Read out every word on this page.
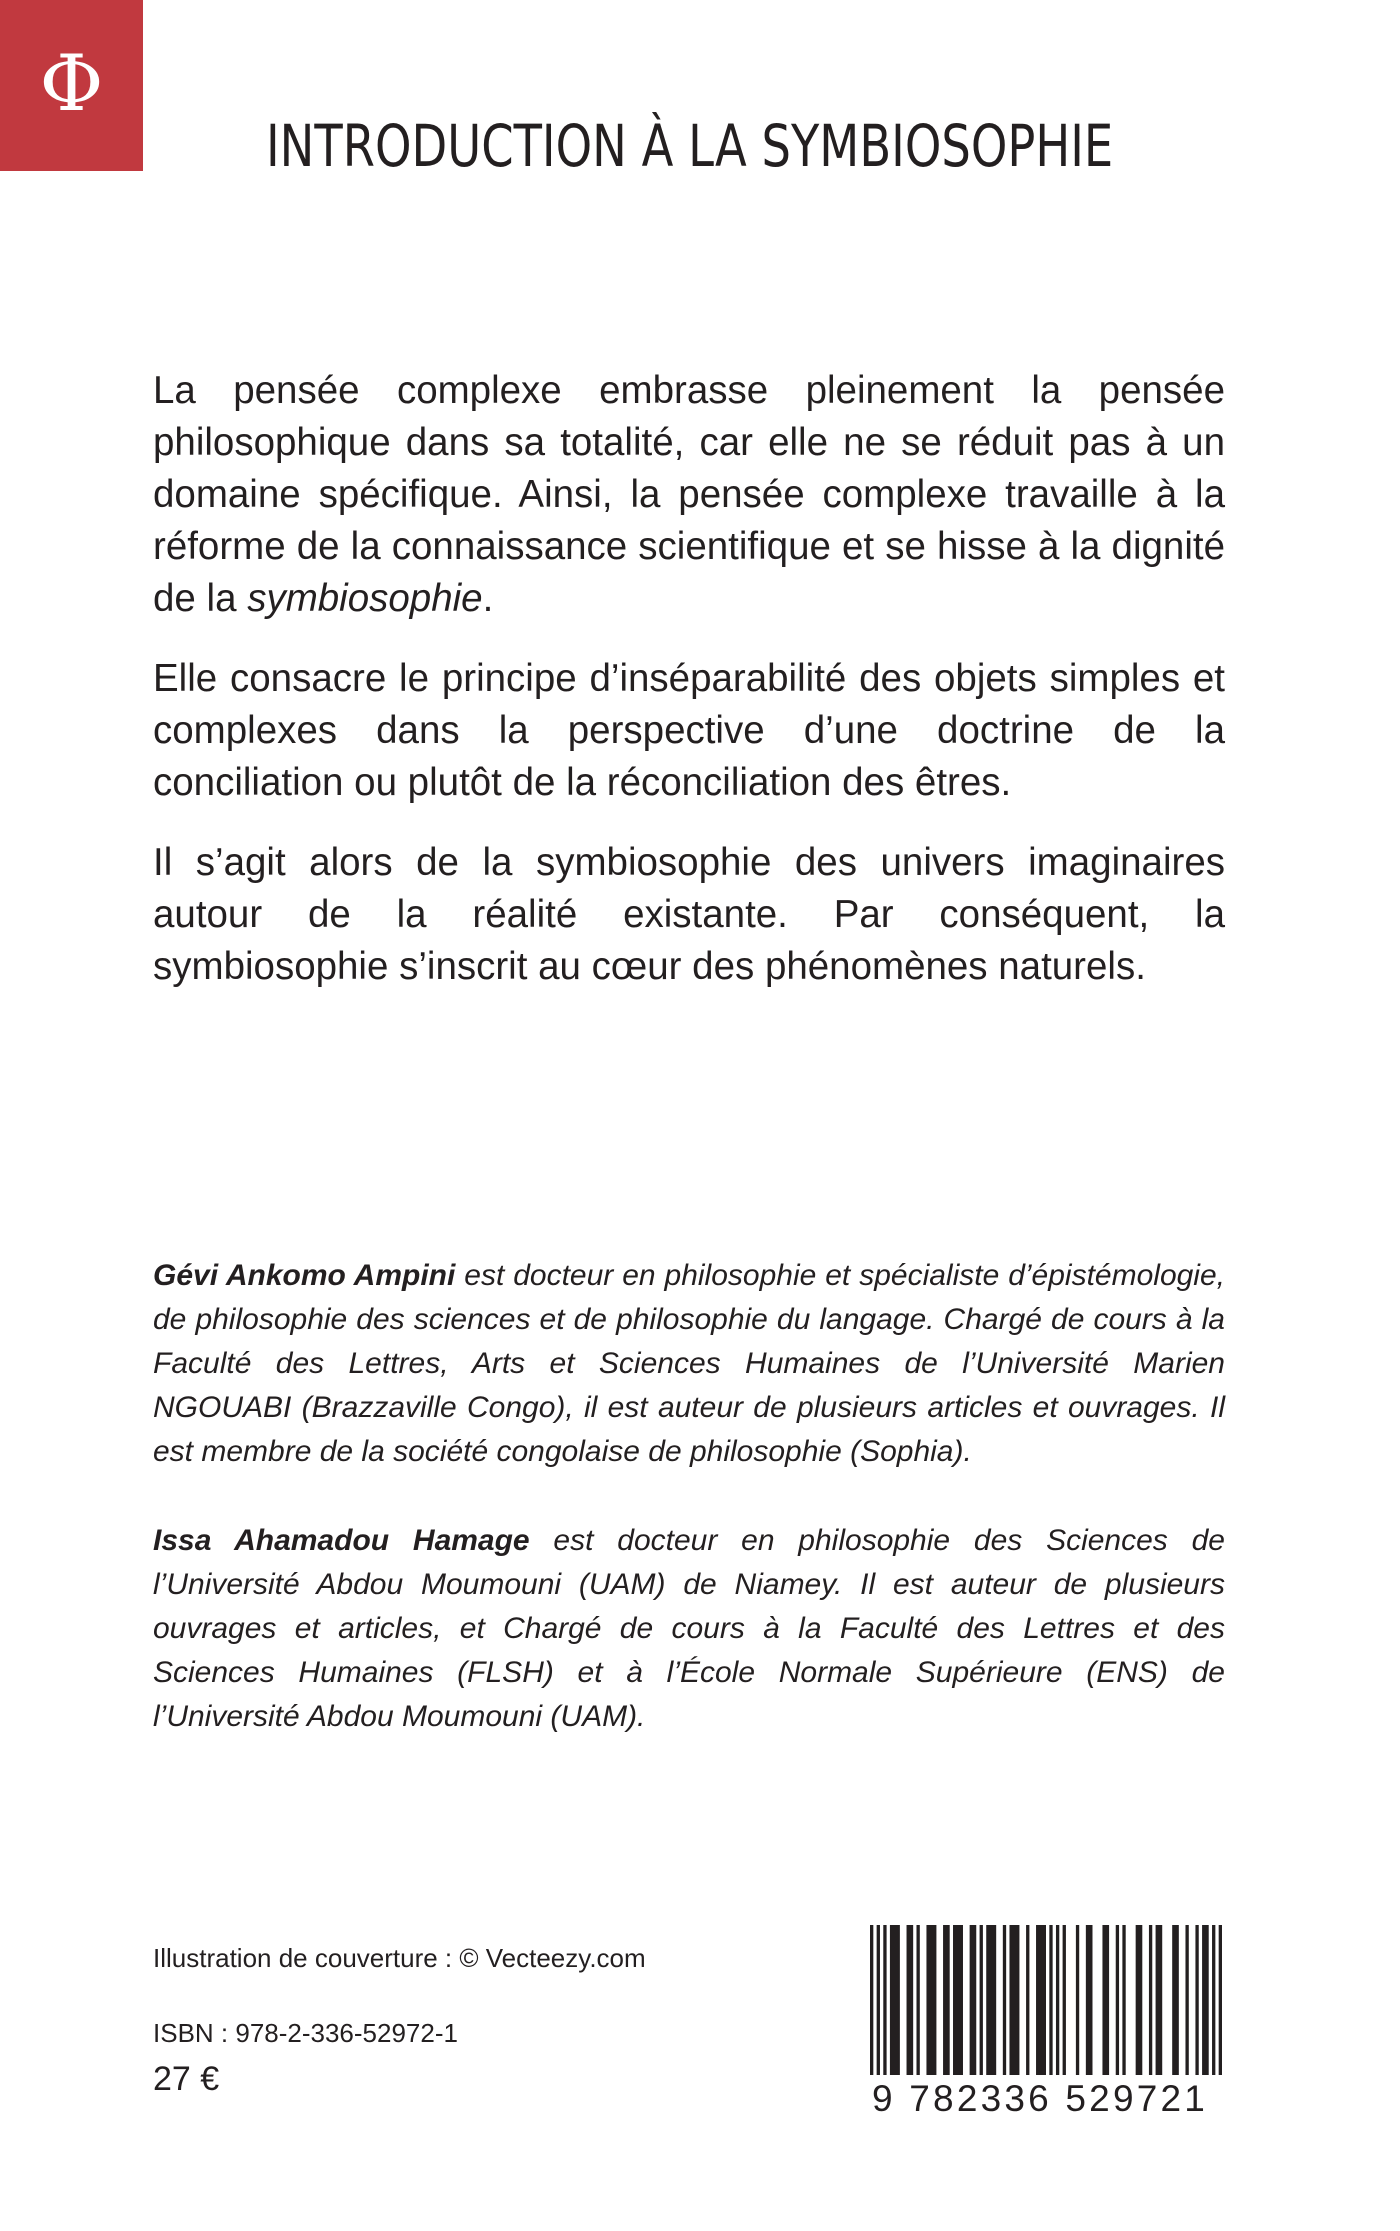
Φ
INTRODUCTION À LA SYMBIOSOPHIE

La pensée complexe embrasse pleinement la pensée philosophique dans sa totalité, car elle ne se réduit pas à un domaine spécifique. Ainsi, la pensée complexe travaille à la réforme de la connaissance scientifique et se hisse à la dignité de la symbiosophie.

Elle consacre le principe d’inséparabilité des objets simples et complexes dans la perspective d’une doctrine de la conciliation ou plutôt de la réconciliation des êtres.

Il s’agit alors de la symbiosophie des univers imaginaires autour de la réalité existante. Par conséquent, la symbiosophie s’inscrit au cœur des phénomènes naturels.

Gévi Ankomo Ampini est docteur en philosophie et spécialiste d’épistémologie, de philosophie des sciences et de philosophie du langage. Chargé de cours à la Faculté des Lettres, Arts et Sciences Humaines de l’Université Marien NGOUABI (Brazzaville Congo), il est auteur de plusieurs articles et ouvrages. Il est membre de la société congolaise de philosophie (Sophia).

Issa Ahamadou Hamage est docteur en philosophie des Sciences de l’Université Abdou Moumouni (UAM) de Niamey. Il est auteur de plusieurs ouvrages et articles, et Chargé de cours à la Faculté des Lettres et des Sciences Humaines (FLSH) et à l’École Normale Supérieure (ENS) de l’Université Abdou Moumouni (UAM).

Illustration de couverture : © Vecteezy.com
ISBN : 978-2-336-52972-1
27 €	9 782336 529721
